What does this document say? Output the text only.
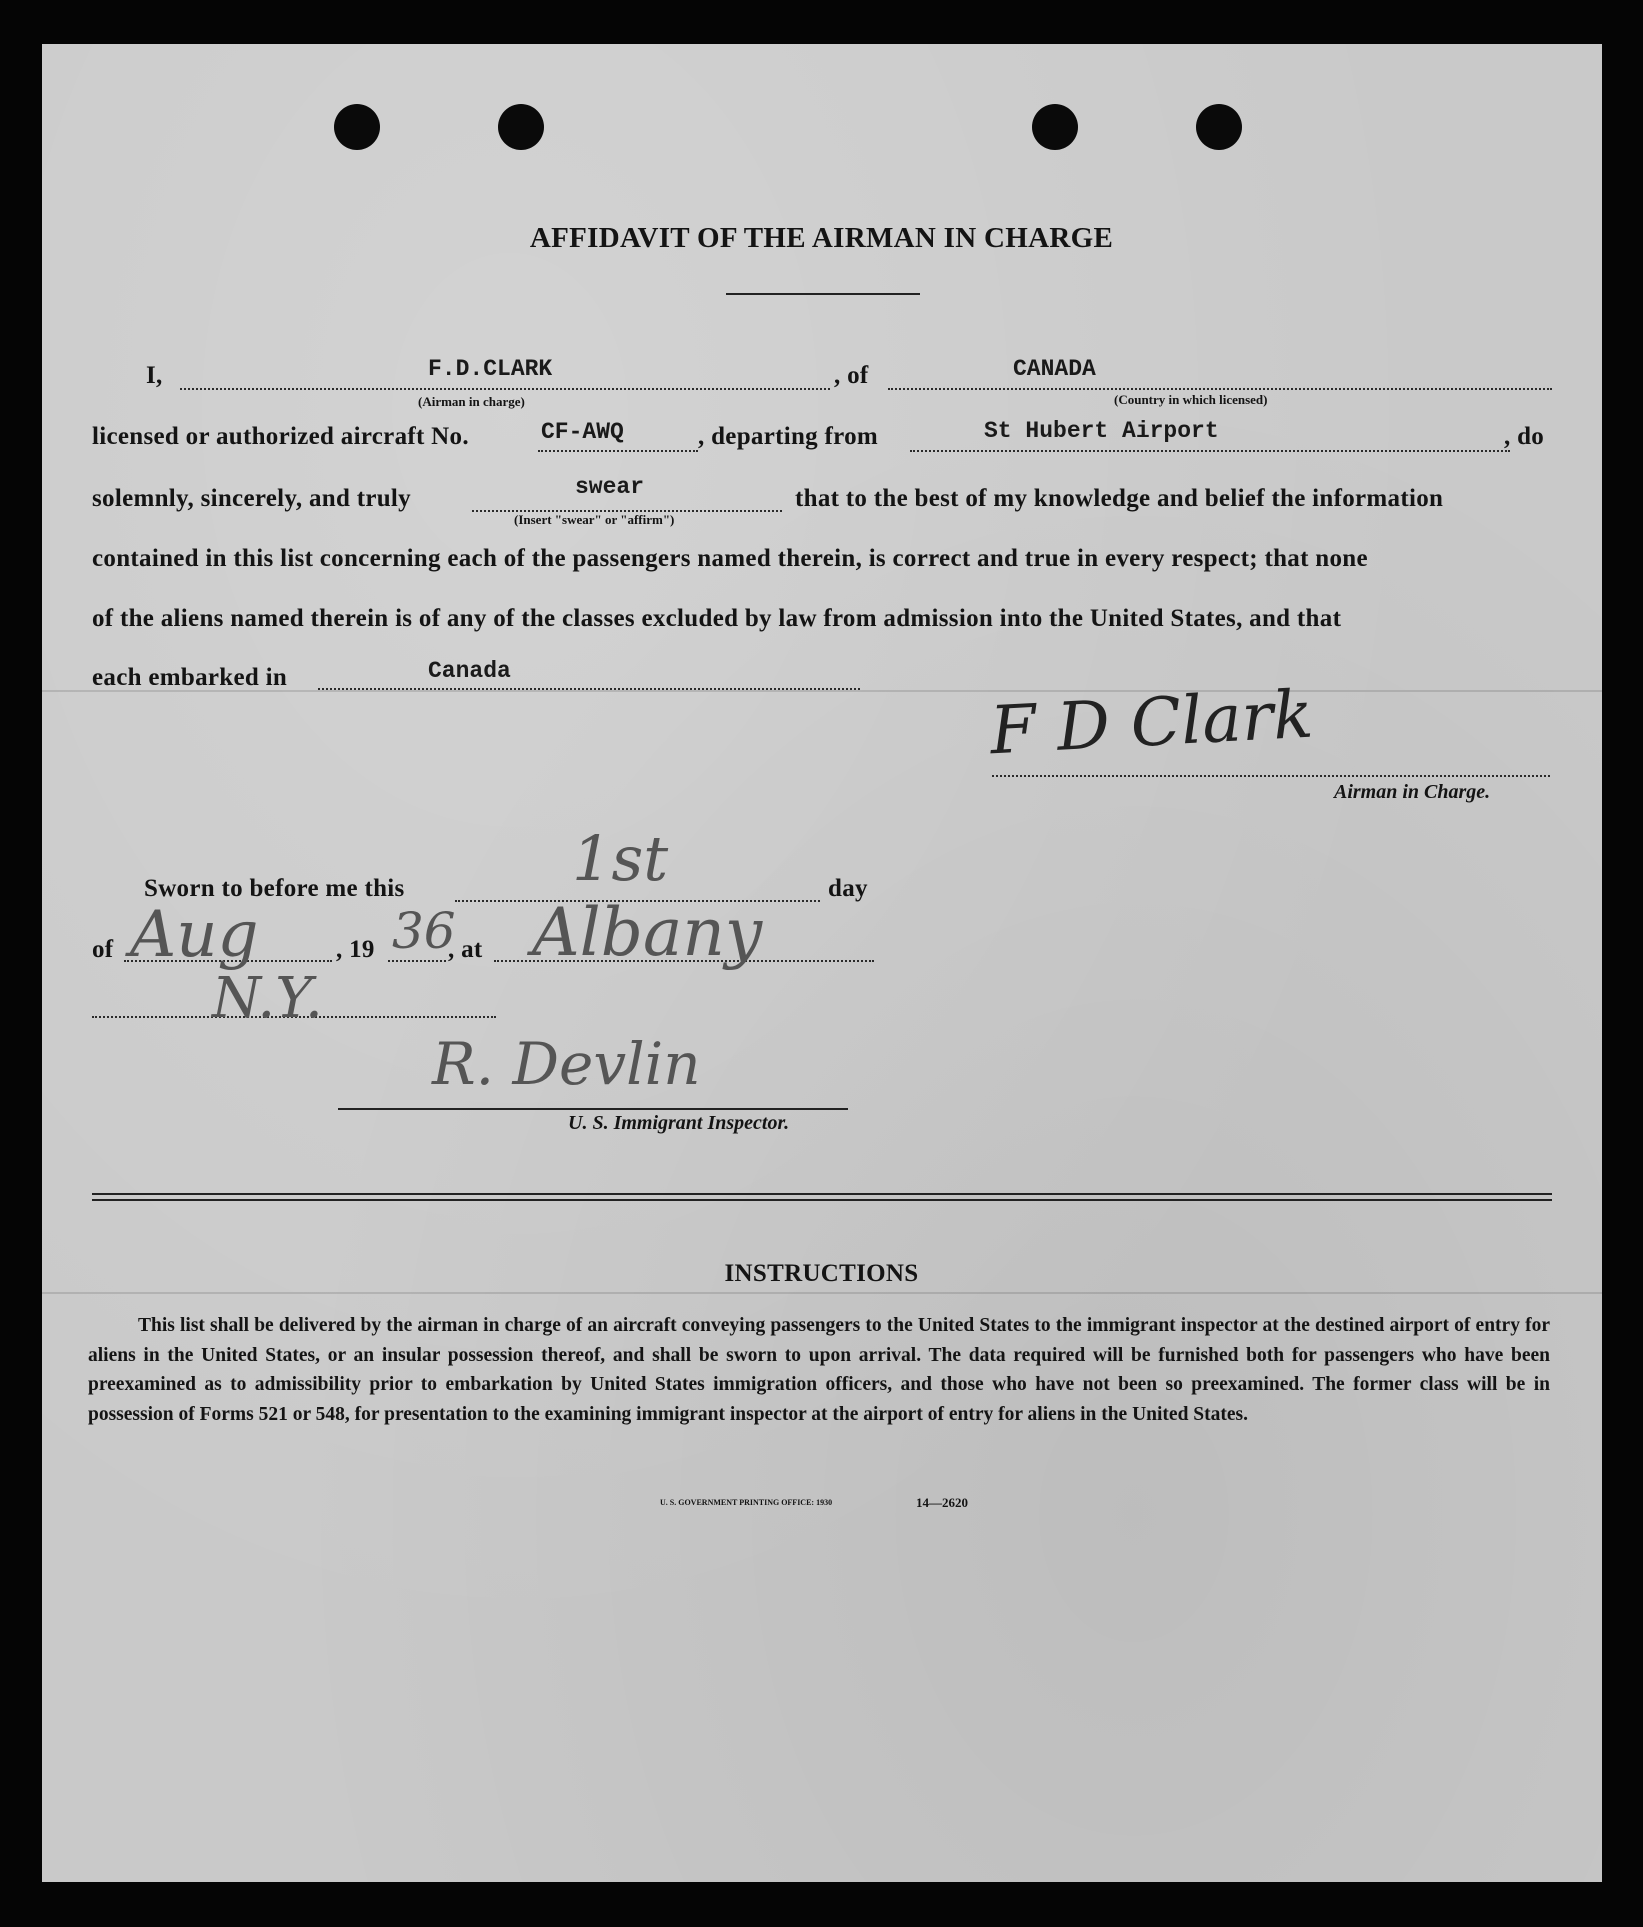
AFFIDAVIT OF THE AIRMAN IN CHARGE
I,	F.D.CLARK
(Airman in charge)
, of	CANADA
(Country in which licensed)
licensed or authorized aircraft No.	CF-AWQ	, departing from	St Hubert Airport	, do
solemnly, sincerely, and truly	swear
(Insert "swear" or "affirm")
that to the best of my knowledge and belief the information
contained in this list concerning each of the passengers named therein, is correct and true in every respect; that none
of the aliens named therein is of any of the classes excluded by law from admission into the United States, and that
each embarked in	Canada
F D Clark
Airman in Charge.
Sworn to before me this	1st	day
of Aug	, 19 36
, at Albany
N.Y.
R. Devlin
U. S. Immigrant Inspector.
INSTRUCTIONS
This list shall be delivered by the airman in charge of an aircraft conveying passengers to the United States to the immigrant inspector at the destined airport of entry for aliens in the United States, or an insular possession thereof, and shall be sworn to upon arrival. The data required will be furnished both for passengers who have been preexamined as to admissibility prior to embarkation by United States immigration officers, and those who have not been so preexamined. The former class will be in possession of Forms 521 or 548, for presentation to the examining immigrant inspector at the airport of entry for aliens in the United States.
U. S. GOVERNMENT PRINTING OFFICE: 1930	14—2620
